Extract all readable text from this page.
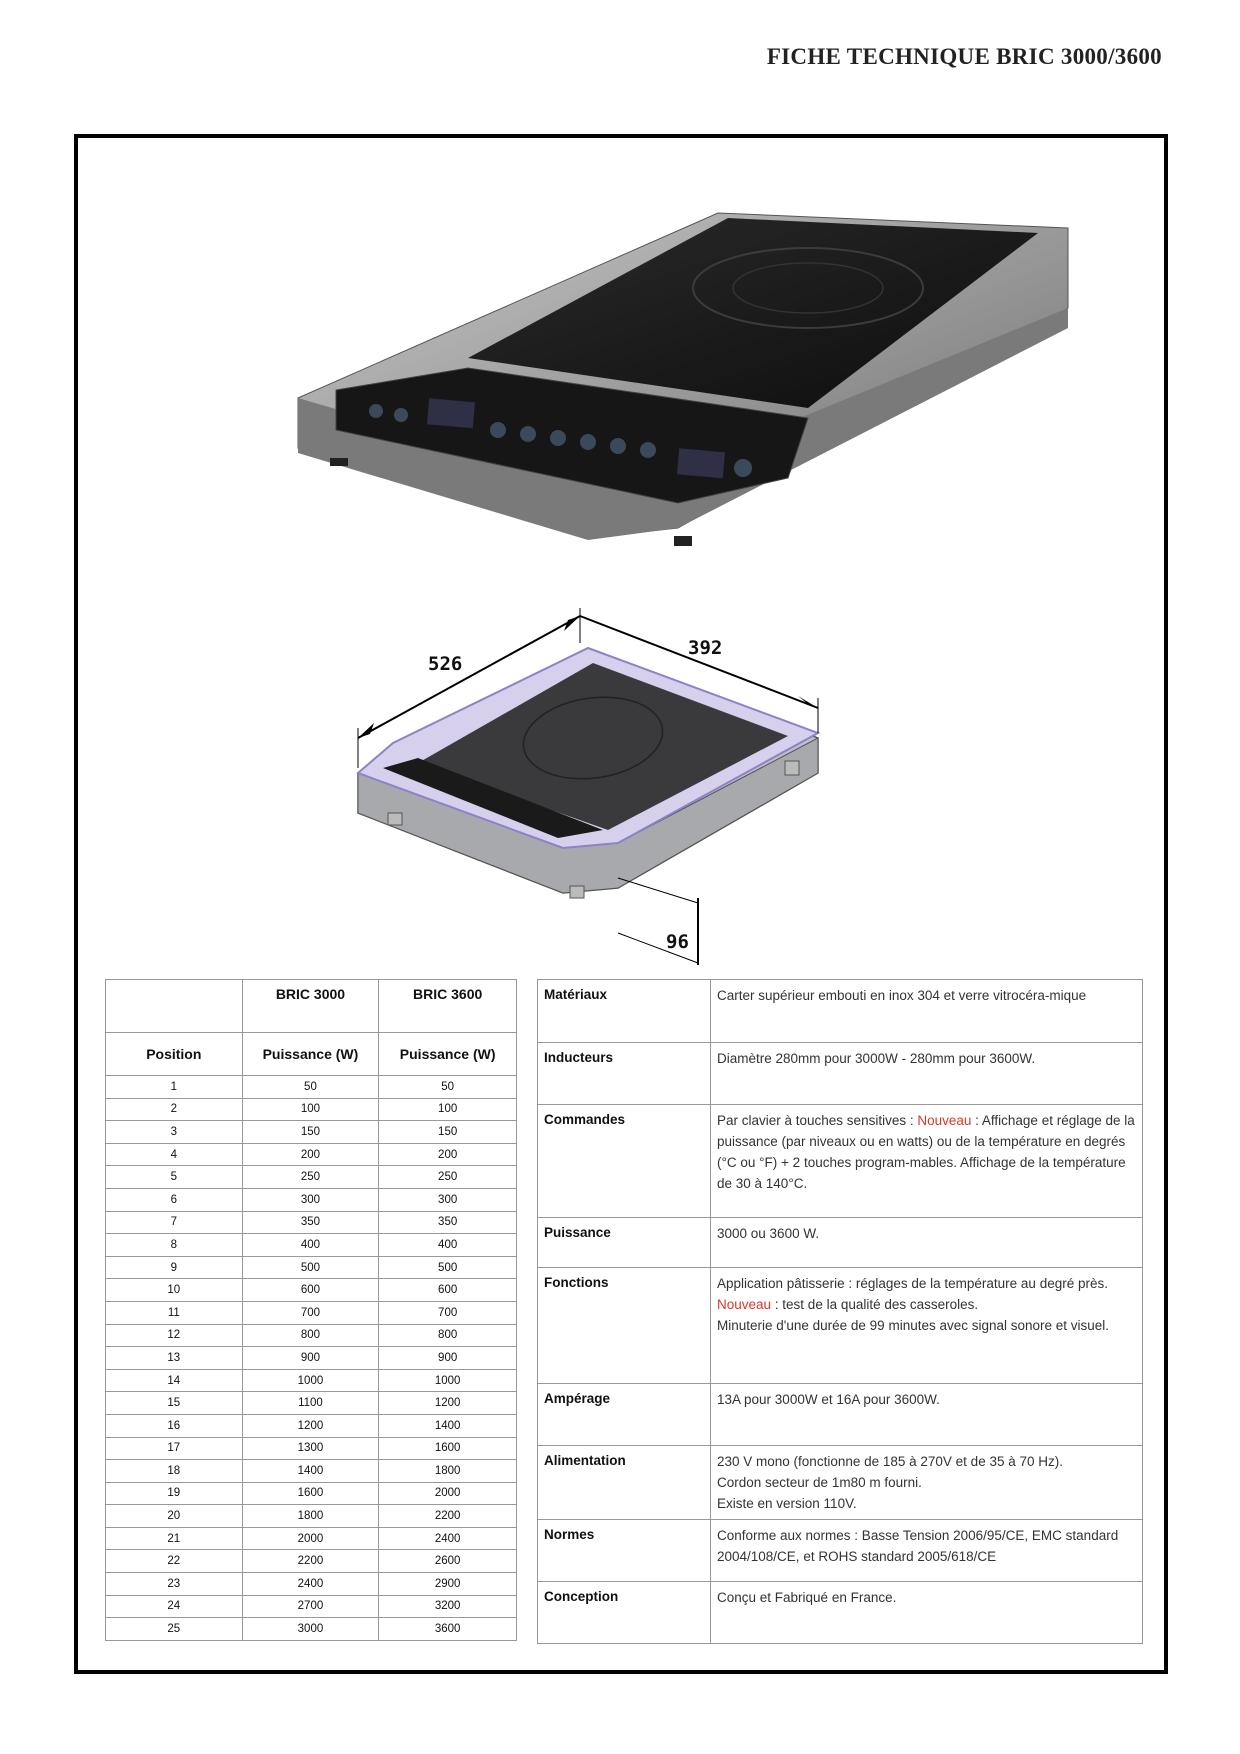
FICHE TECHNIQUE BRIC 3000/3600
526
392
96
	BRIC 3000	BRIC 3600
Position	Puissance (W)	Puissance (W)
1	50	50
2	100	100
3	150	150
4	200	200
5	250	250
6	300	300
7	350	350
8	400	400
9	500	500
10	600	600
11	700	700
12	800	800
13	900	900
14	1000	1000
15	1100	1200
16	1200	1400
17	1300	1600
18	1400	1800
19	1600	2000
20	1800	2200
21	2000	2400
22	2200	2600
23	2400	2900
24	2700	3200
25	3000	3600
Matériaux	Carter supérieur embouti en inox 304 et verre vitrocéra-mique
Inducteurs	Diamètre 280mm pour 3000W - 280mm pour 3600W.
Commandes	Par clavier à touches sensitives : Nouveau : Affichage et réglage de la puissance (par niveaux ou en watts) ou de la température en degrés (°C ou °F) + 2 touches program-mables. Affichage de la température de 30 à 140°C.
Puissance	3000 ou 3600 W.
Fonctions	Application pâtisserie : réglages de la température au degré près.
Nouveau : test de la qualité des casseroles.
Minuterie d'une durée de 99 minutes avec signal sonore et visuel.

Ampérage	13A pour 3000W et 16A pour 3600W.
Alimentation	230 V mono (fonctionne de 185 à 270V et de 35 à 70 Hz).
Cordon secteur de 1m80 m fourni.
Existe en version 110V.

Normes	Conforme aux normes : Basse Tension 2006/95/CE, EMC standard 2004/108/CE, et ROHS standard 2005/618/CE
Conception	Conçu et Fabriqué en France.
